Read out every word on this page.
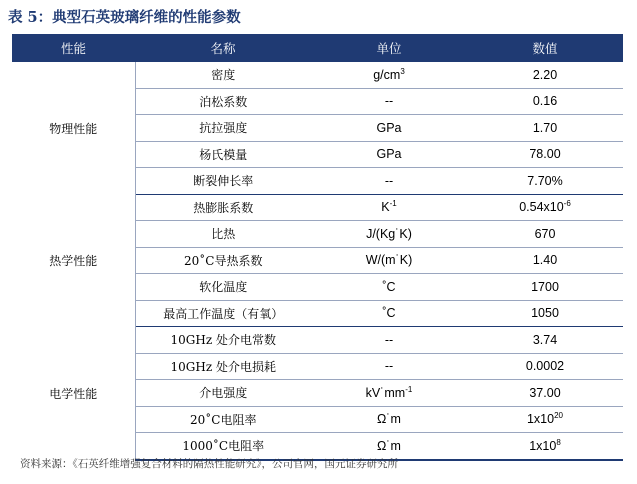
表 5：典型石英玻璃纤维的性能参数
性能	名称	单位	数值
物理性能	密度	$g/cm^3$	2.20
	泊松系数	--	0.16
	抗拉强度	GPa	1.70
	杨氏模量	GPa	78.00
	断裂伸长率	--	7.70%
热学性能	热膨胀系数	$K^{-1}$	$0.54x10^{-6}$
	比热	J/(Kg˙K)	670
	20˚C导热系数	W/(m˙K)	1.40
	软化温度	˚C	1700
	最高工作温度（有氧）	˚C	1050
电学性能	10GHz 处介电常数	--	3.74
	10GHz 处介电损耗	--	0.0002
	介电强度	$kV˙mm^{-1}$	37.00
	20˚C电阻率	Ω˙m	$1x10^{20}$
	1000˚C电阻率	Ω˙m	$1x10^8$
资料来源：《石英纤维增强复合材料的隔热性能研究》，公司官网，国元证券研究所
